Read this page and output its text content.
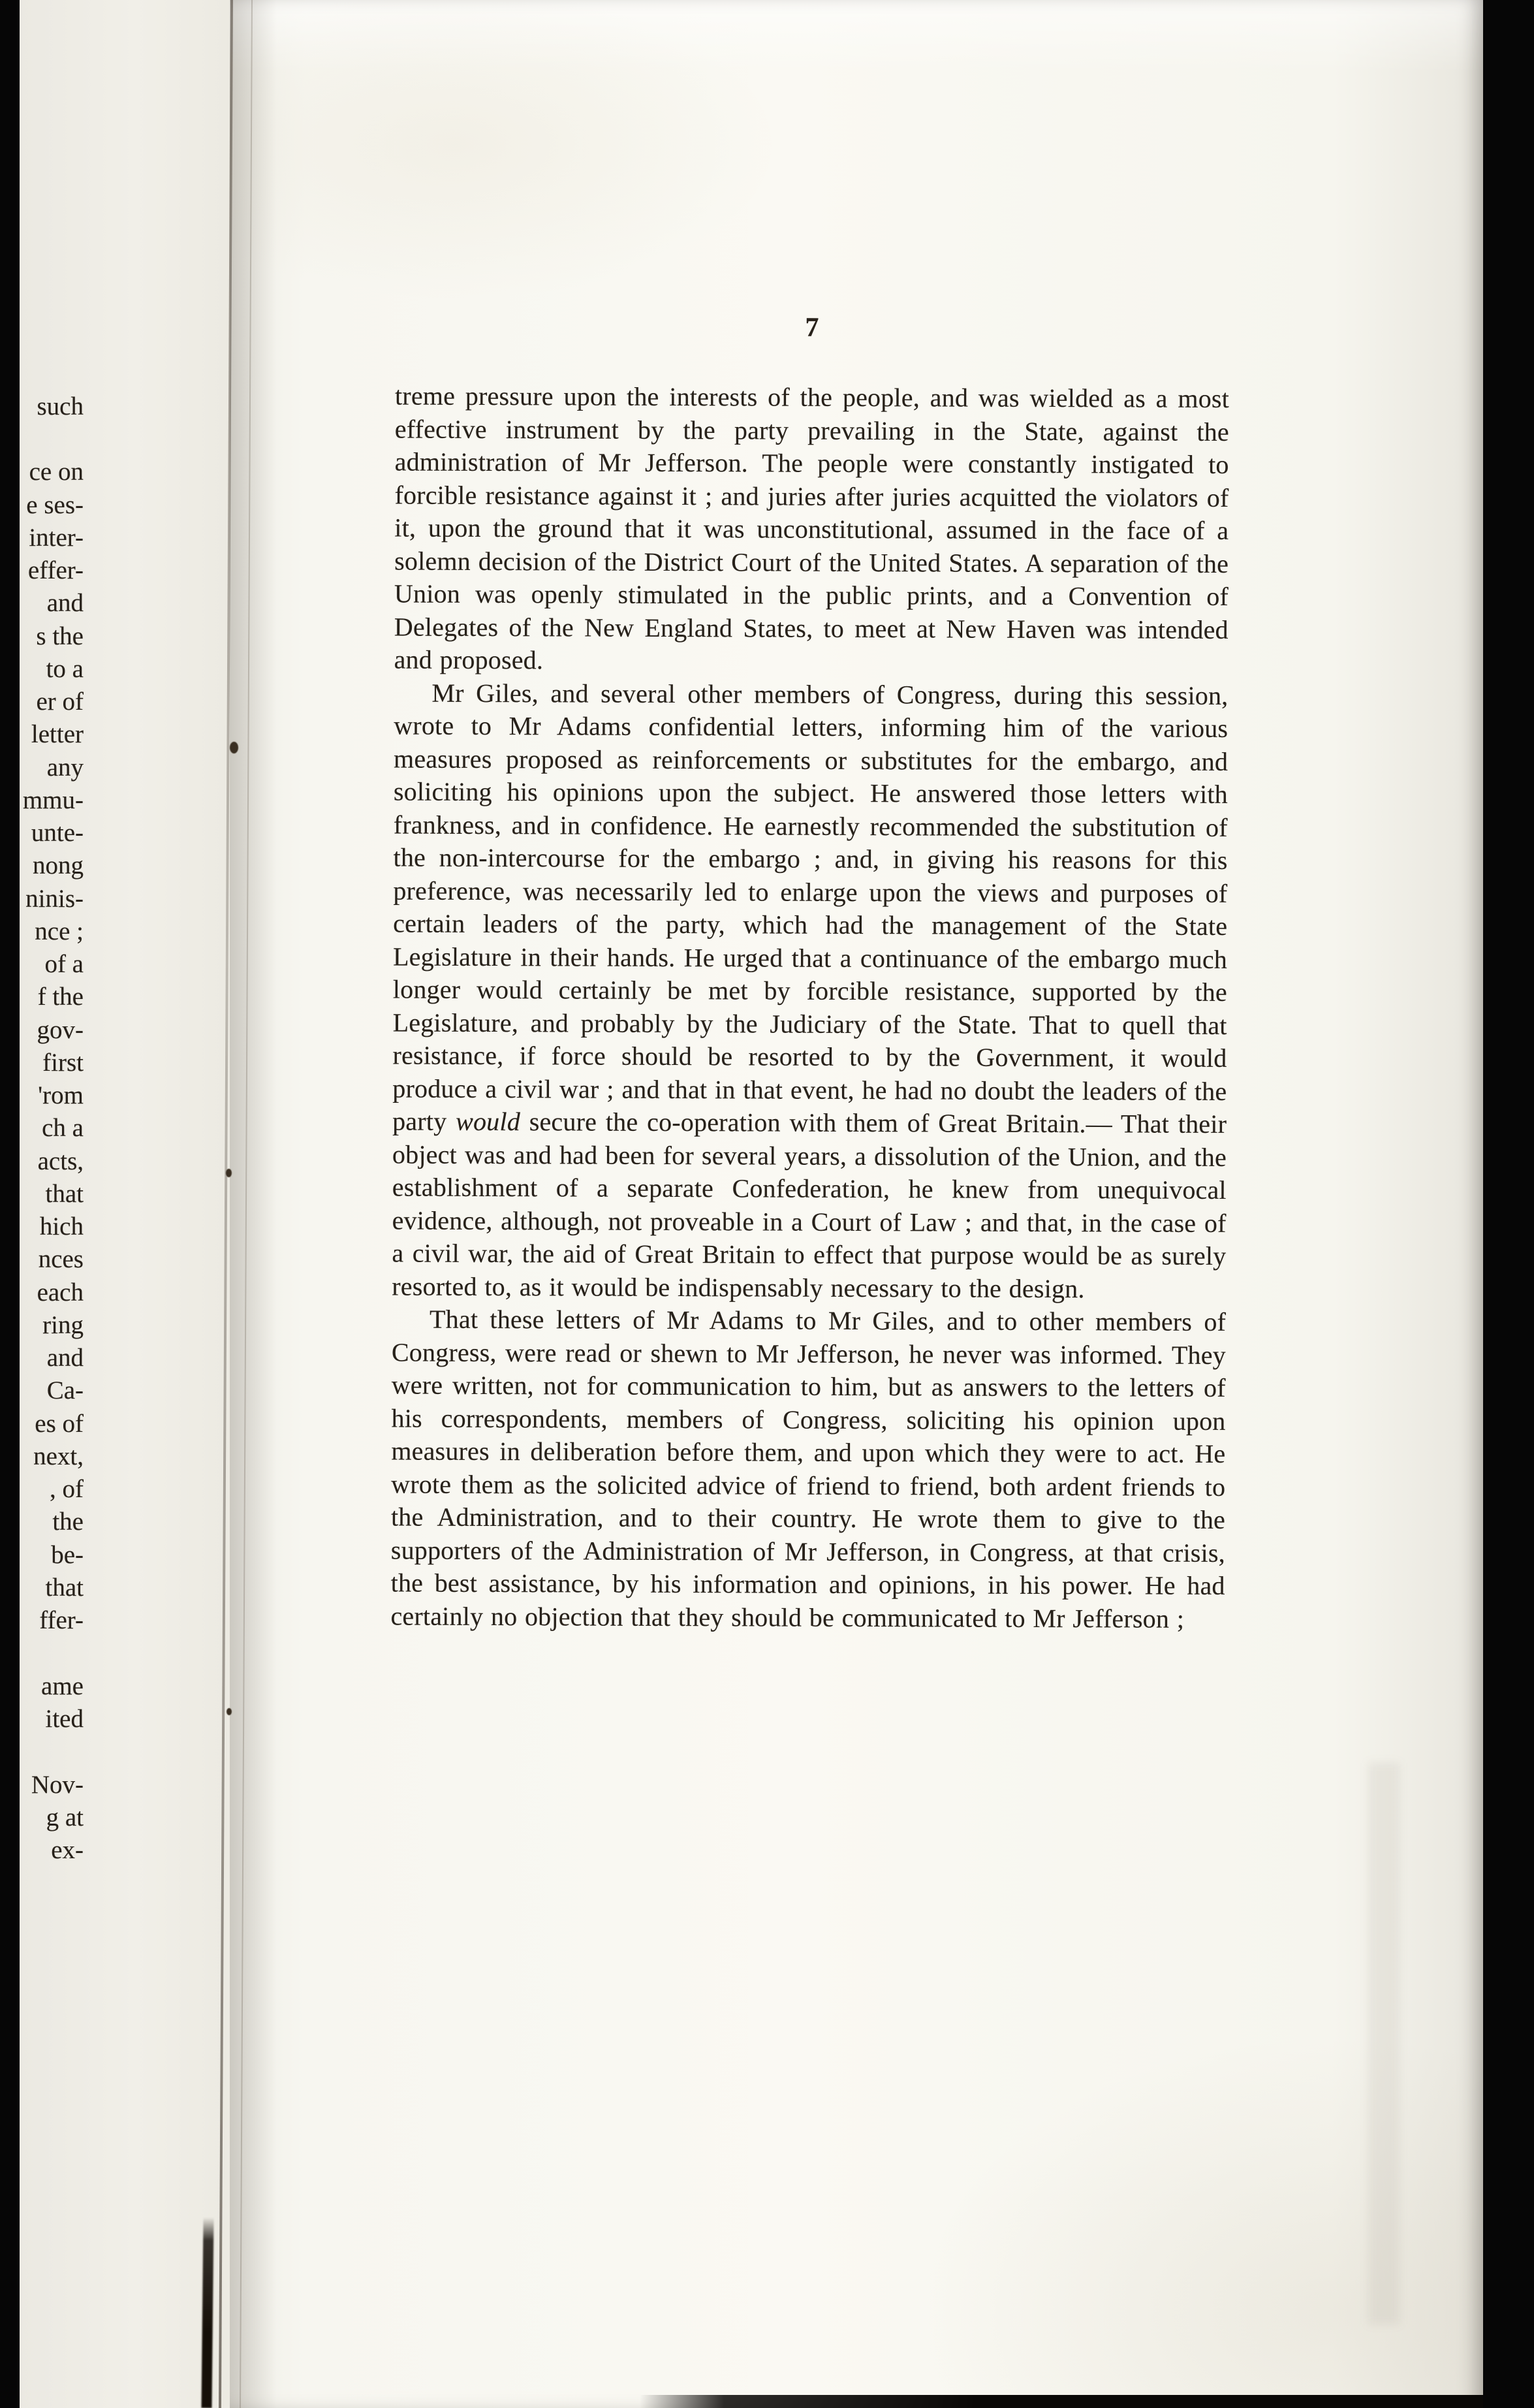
such
ce on
e ses-
inter-
effer-
and
s the
to a
er of
letter
any
mmu-
unte-
nong
ninis-
nce ;
of a
f the
gov-
first
'rom
ch a
acts,
that
hich
nces
each
ring
and
Ca-
es of
next,
, of
the
be-
that
ffer-
ame
ited
Nov-
g at
ex-
7

treme pressure upon the interests of the people, and was wielded as a most effective instrument by the party prevailing in the State, against the administration of Mr Jefferson. The people were constantly instigated to forcible resistance against it ; and juries after juries acquitted the violators of it, upon the ground that it was unconstitutional, assumed in the face of a solemn decision of the District Court of the United States. A separation of the Union was openly stimulated in the public prints, and a Convention of Delegates of the New England States, to meet at New Haven was intended and proposed.

Mr Giles, and several other members of Congress, during this session, wrote to Mr Adams confidential letters, informing him of the various measures proposed as reinforcements or substitutes for the embargo, and soliciting his opinions upon the subject. He answered those letters with frankness, and in confidence. He earnestly recommended the substitution of the non-intercourse for the embargo ; and, in giving his reasons for this preference, was necessarily led to enlarge upon the views and purposes of certain leaders of the party, which had the management of the State Legislature in their hands. He urged that a continuance of the embargo much longer would certainly be met by forcible resistance, supported by the Legislature, and probably by the Judiciary of the State. That to quell that resistance, if force should be resorted to by the Government, it would produce a civil war ; and that in that event, he had no doubt the leaders of the party would secure the co-operation with them of Great Britain.— That their object was and had been for several years, a dissolution of the Union, and the establishment of a separate Confederation, he knew from unequivocal evidence, although, not proveable in a Court of Law ; and that, in the case of a civil war, the aid of Great Britain to effect that purpose would be as surely resorted to, as it would be indispensably necessary to the design.

That these letters of Mr Adams to Mr Giles, and to other members of Congress, were read or shewn to Mr Jefferson, he never was informed. They were written, not for communication to him, but as answers to the letters of his correspondents, members of Congress, soliciting his opinion upon measures in deliberation before them, and upon which they were to act. He wrote them as the solicited advice of friend to friend, both ardent friends to the Administration, and to their country. He wrote them to give to the supporters of the Administration of Mr Jefferson, in Congress, at that crisis, the best assistance, by his information and opinions, in his power. He had certainly no objection that they should be communicated to Mr Jefferson ;
